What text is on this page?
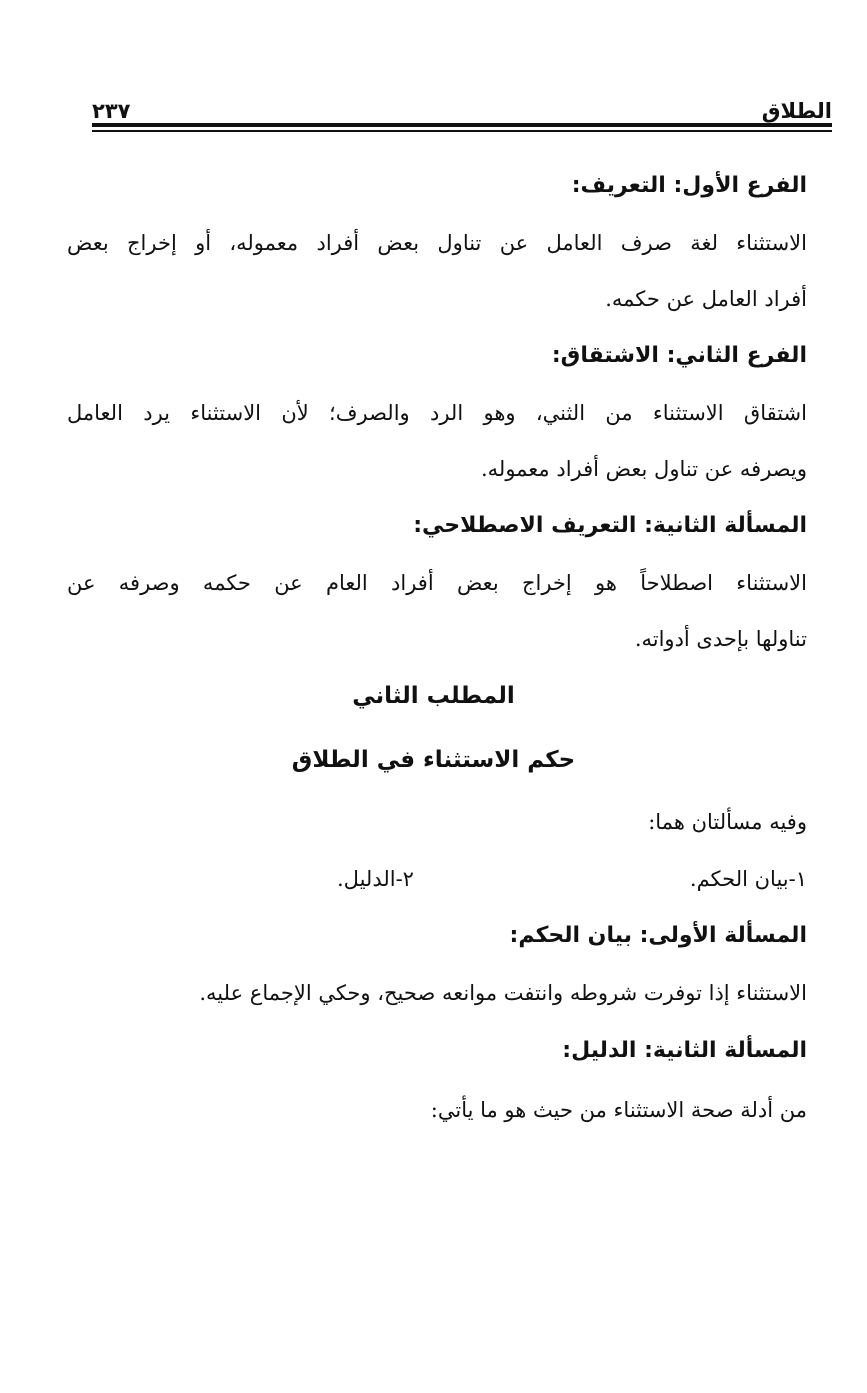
الطلاق
٢٣٧
الفرع الأول: التعريف:
الاستثناء لغة صرف العامل عن تناول بعض أفراد معموله، أو إخراج بعض
أفراد العامل عن حكمه.
الفرع الثاني: الاشتقاق:
اشتقاق الاستثناء من الثني، وهو الرد والصرف؛ لأن الاستثناء يرد العامل
ويصرفه عن تناول بعض أفراد معموله.
المسألة الثانية: التعريف الاصطلاحي:
الاستثناء اصطلاحاً هو إخراج بعض أفراد العام عن حكمه وصرفه عن
تناولها بإحدى أدواته.
المطلب الثاني
حكم الاستثناء في الطلاق
وفيه مسألتان هما:
١-بيان الحكم.
٢-الدليل.
المسألة الأولى: بيان الحكم:
الاستثناء إذا توفرت شروطه وانتفت موانعه صحيح، وحكي الإجماع عليه.
المسألة الثانية: الدليل:
من أدلة صحة الاستثناء من حيث هو ما يأتي:
